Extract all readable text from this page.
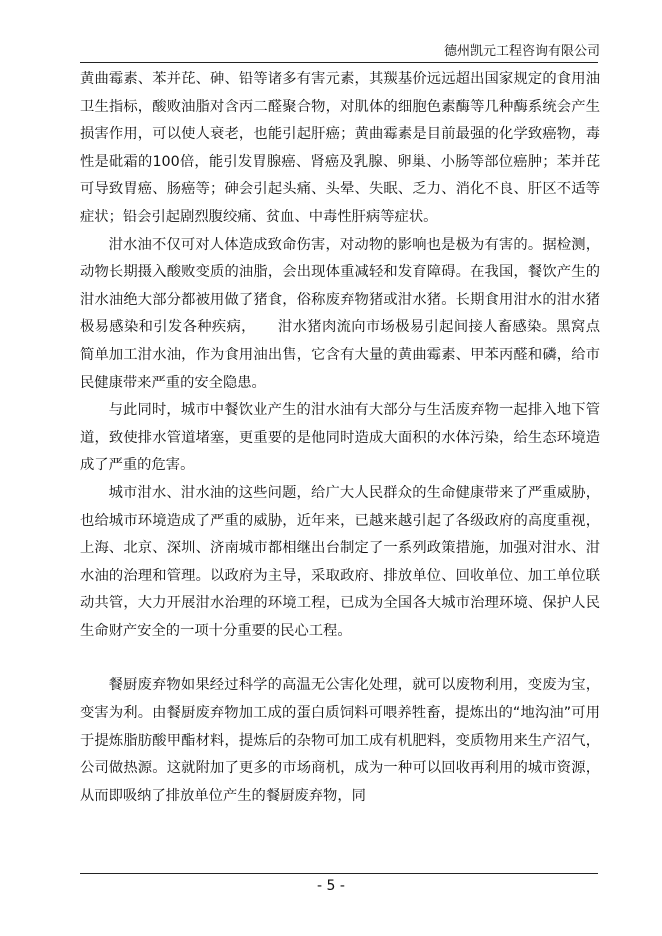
德州凯元工程咨询有限公司

黄曲霉素、苯并芘、砷、铅等诸多有害元素，其羰基价远远超出国家规定的食用油卫生指标，酸败油脂对含丙二醛聚合物，对肌体的细胞色素酶等几种酶系统会产生损害作用，可以使人衰老，也能引起肝癌；黄曲霉素是目前最强的化学致癌物，毒性是砒霜的100倍，能引发胃腺癌、肾癌及乳腺、卵巢、小肠等部位癌肿；苯并芘可导致胃癌、肠癌等；砷会引起头痛、头晕、失眠、乏力、消化不良、肝区不适等症状；铅会引起剧烈腹绞痛、贫血、中毒性肝病等症状。

泔水油不仅可对人体造成致命伤害，对动物的影响也是极为有害的。据检测，动物长期摄入酸败变质的油脂，会出现体重减轻和发育障碍。在我国，餐饮产生的泔水油绝大部分都被用做了猪食，俗称废弃物猪或泔水猪。长期食用泔水的泔水猪极易感染和引发各种疾病，　　泔水猪肉流向市场极易引起间接人畜感染。黑窝点简单加工泔水油，作为食用油出售，它含有大量的黄曲霉素、甲苯丙醛和磷，给市民健康带来严重的安全隐患。

与此同时，城市中餐饮业产生的泔水油有大部分与生活废弃物一起排入地下管道，致使排水管道堵塞，更重要的是他同时造成大面积的水体污染，给生态环境造成了严重的危害。

城市泔水、泔水油的这些问题，给广大人民群众的生命健康带来了严重威胁，也给城市环境造成了严重的威胁，近年来，已越来越引起了各级政府的高度重视，上海、北京、深圳、济南城市都相继出台制定了一系列政策措施，加强对泔水、泔水油的治理和管理。以政府为主导，采取政府、排放单位、回收单位、加工单位联动共管，大力开展泔水治理的环境工程，已成为全国各大城市治理环境、保护人民生命财产安全的一项十分重要的民心工程。

餐厨废弃物如果经过科学的高温无公害化处理，就可以废物利用，变废为宝，变害为利。由餐厨废弃物加工成的蛋白质饲料可喂养牲畜，提炼出的“地沟油”可用于提炼脂肪酸甲酯材料，提炼后的杂物可加工成有机肥料，变质物用来生产沼气，公司做热源。这就附加了更多的市场商机，成为一种可以回收再利用的城市资源，从而即吸纳了排放单位产生的餐厨废弃物，同

- 5 -
